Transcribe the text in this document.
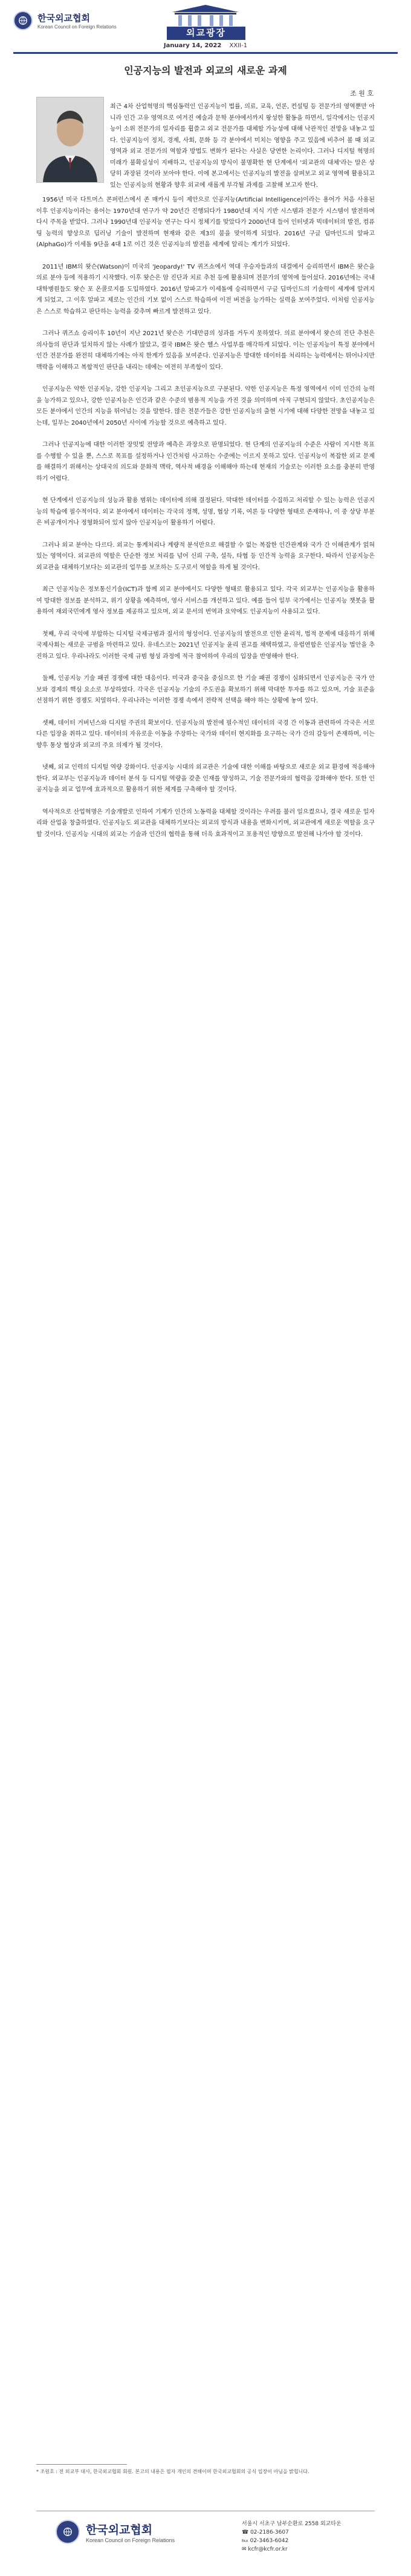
한국외교협회
Korean Council on Foreign Relations
외교광장
January 14, 2022 XXII-1
인공지능의 발전과 외교의 새로운 과제
조 원 호
최근 4차 산업혁명의 핵심동력인 인공지능이 법률, 의료, 교육, 언론, 컨설팅 등 전문가의 영역뿐만 아니라 인간 고유 영역으로 여겨진 예술과 문학 분야에서까지 왕성한 활동을 하면서, 일각에서는 인공지능이 소위 전문가의 일자리를 휩쓸고 외교 전문가를 대체할 가능성에 대해 낙관적인 전망을 내놓고 있다. 인공지능이 정치, 경제, 사회, 문화 등 각 분야에서 미치는 영향을 주고 있음에 비추어 볼 때 외교 영역과 외교 전문가의 역할과 방법도 변화가 된다는 사실은 당연한 논리이다. 그러나 디지털 혁명의 미래가 불확실성이 지배하고, 인공지능의 방식이 불명확한 현 단계에서 '외교관의 대체'라는 말은 상당히 과장된 것이라 보아야 한다. 이에 본고에서는 인공지능의 발전을 살펴보고 외교 영역에 활용되고 있는 인공지능의 현황과 향후 외교에 새롭게 부각될 과제를 고찰해 보고자 한다.

1956년 미국 다트머스 콘퍼런스에서 존 매카시 등이 제안으로 인공지능(Artificial Intelligence)이라는 용어가 처음 사용된 이후 인공지능이라는 용어는 1970년대 연구가 약 20년간 진행되다가 1980년대 지식 기반 시스템과 전문가 시스템이 발전하며 다시 주목을 받았다. 그러나 1990년대 인공지능 연구는 다시 정체기를 맞았다가 2000년대 들어 인터넷과 빅데이터의 발전, 컴퓨팅 능력의 향상으로 딥러닝 기술이 발전하며 현재와 같은 제3의 붐을 맞이하게 되었다. 2016년 구글 딥마인드의 알파고(AlphaGo)가 이세돌 9단을 4대 1로 이긴 것은 인공지능의 발전을 세계에 알리는 계기가 되었다.

2011년 IBM의 왓슨(Watson)이 미국의 'Jeopardy!' TV 퀴즈쇼에서 역대 우승자들과의 대결에서 승리하면서 IBM은 왓슨을 의료 분야 등에 적용하기 시작했다. 이후 왓슨은 암 진단과 치료 추천 등에 활용되며 전문가의 영역에 들어섰다. 2016년에는 국내 대학병원들도 왓슨 포 온콜로지를 도입하였다. 2016년 알파고가 이세돌에 승리하면서 구글 딥마인드의 기술력이 세계에 알려지게 되었고, 그 이후 알파고 제로는 인간의 기보 없이 스스로 학습하여 이전 버전을 능가하는 실력을 보여주었다. 이처럼 인공지능은 스스로 학습하고 판단하는 능력을 갖추며 빠르게 발전하고 있다.

그러나 퀴즈쇼 승리이후 10년이 지난 2021년 왓슨은 기대만큼의 성과를 거두지 못하였다. 의료 분야에서 왓슨의 진단 추천은 의사들의 판단과 일치하지 않는 사례가 많았고, 결국 IBM은 왓슨 헬스 사업부를 매각하게 되었다. 이는 인공지능이 특정 분야에서 인간 전문가를 완전히 대체하기에는 아직 한계가 있음을 보여준다. 인공지능은 방대한 데이터를 처리하는 능력에서는 뛰어나지만 맥락을 이해하고 복합적인 판단을 내리는 데에는 여전히 부족함이 있다.

인공지능은 약한 인공지능, 강한 인공지능 그리고 초인공지능으로 구분된다. 약한 인공지능은 특정 영역에서 이미 인간의 능력을 능가하고 있으나, 강한 인공지능은 인간과 같은 수준의 범용적 지능을 가진 것을 의미하며 아직 구현되지 않았다. 초인공지능은 모든 분야에서 인간의 지능을 뛰어넘는 것을 말한다. 많은 전문가들은 강한 인공지능의 출현 시기에 대해 다양한 전망을 내놓고 있는데, 일부는 2040년에서 2050년 사이에 가능할 것으로 예측하고 있다.

그러나 인공지능에 대한 이러한 장밋빛 전망과 예측은 과장으로 판명되었다. 현 단계의 인공지능의 수준은 사람이 지시한 목표를 수행할 수 있을 뿐, 스스로 목표를 설정하거나 인간처럼 사고하는 수준에는 이르지 못하고 있다. 인공지능이 복잡한 외교 문제를 해결하기 위해서는 상대국의 의도와 문화적 맥락, 역사적 배경을 이해해야 하는데 현재의 기술로는 이러한 요소를 충분히 반영하기 어렵다.

현 단계에서 인공지능의 성능과 활용 범위는 데이터에 의해 결정된다. 막대한 데이터를 수집하고 처리할 수 있는 능력은 인공지능의 학습에 필수적이다. 외교 분야에서 데이터는 각국의 정책, 성명, 협상 기록, 여론 등 다양한 형태로 존재하나, 이 중 상당 부분은 비공개이거나 정형화되어 있지 않아 인공지능이 활용하기 어렵다.

그러나 외교 분야는 다르다. 외교는 통계처리나 계량적 분석만으로 해결할 수 없는 복잡한 인간관계와 국가 간 이해관계가 얽혀 있는 영역이다. 외교관의 역할은 단순한 정보 처리를 넘어 신뢰 구축, 설득, 타협 등 인간적 능력을 요구한다. 따라서 인공지능은 외교관을 대체하기보다는 외교관의 업무를 보조하는 도구로서 역할을 하게 될 것이다.

최근 인공지능은 정보통신기술(ICT)과 함께 외교 분야에서도 다양한 형태로 활용되고 있다. 각국 외교부는 인공지능을 활용하여 방대한 정보를 분석하고, 위기 상황을 예측하며, 영사 서비스를 개선하고 있다. 예를 들어 일부 국가에서는 인공지능 챗봇을 활용하여 재외국민에게 영사 정보를 제공하고 있으며, 외교 문서의 번역과 요약에도 인공지능이 사용되고 있다.

첫째, 우리 국익에 부합하는 디지털 국제규범과 질서의 형성이다. 인공지능의 발전으로 인한 윤리적, 법적 문제에 대응하기 위해 국제사회는 새로운 규범을 마련하고 있다. 유네스코는 2021년 인공지능 윤리 권고를 채택하였고, 유럽연합은 인공지능 법안을 추진하고 있다. 우리나라도 이러한 국제 규범 형성 과정에 적극 참여하여 우리의 입장을 반영해야 한다.

둘째, 인공지능 기술 패권 경쟁에 대한 대응이다. 미국과 중국을 중심으로 한 기술 패권 경쟁이 심화되면서 인공지능은 국가 안보와 경제의 핵심 요소로 부상하였다. 각국은 인공지능 기술의 주도권을 확보하기 위해 막대한 투자를 하고 있으며, 기술 표준을 선점하기 위한 경쟁도 치열하다. 우리나라는 이러한 경쟁 속에서 전략적 선택을 해야 하는 상황에 놓여 있다.

셋째, 데이터 거버넌스와 디지털 주권의 확보이다. 인공지능의 발전에 필수적인 데이터의 국경 간 이동과 관련하여 각국은 서로 다른 입장을 취하고 있다. 데이터의 자유로운 이동을 주장하는 국가와 데이터 현지화를 요구하는 국가 간의 갈등이 존재하며, 이는 향후 통상 협상과 외교의 주요 의제가 될 것이다.

넷째, 외교 인력의 디지털 역량 강화이다. 인공지능 시대의 외교관은 기술에 대한 이해를 바탕으로 새로운 외교 환경에 적응해야 한다. 외교부는 인공지능과 데이터 분석 등 디지털 역량을 갖춘 인재를 양성하고, 기술 전문가와의 협력을 강화해야 한다. 또한 인공지능을 외교 업무에 효과적으로 활용하기 위한 체계를 구축해야 할 것이다.

역사적으로 산업혁명은 기술개발로 인하여 기계가 인간의 노동력을 대체할 것이라는 우려를 불러 일으켰으나, 결국 새로운 일자리와 산업을 창출하였다. 인공지능도 외교관을 대체하기보다는 외교의 방식과 내용을 변화시키며, 외교관에게 새로운 역할을 요구할 것이다. 인공지능 시대의 외교는 기술과 인간의 협력을 통해 더욱 효과적이고 포용적인 방향으로 발전해 나가야 할 것이다.

* 조원호 : 전 외교부 대사, 한국외교협회 회원. 본고의 내용은 필자 개인의 견해이며 한국외교협회의 공식 입장이 아님을 밝힙니다.
한국외교협회
Korean Council on Foreign Relations
서울시 서초구 남부순환로 2558 외교타운
☎ 02-2186-3607
℻ 02-3463-6042
✉ kcfr@kcfr.or.kr
